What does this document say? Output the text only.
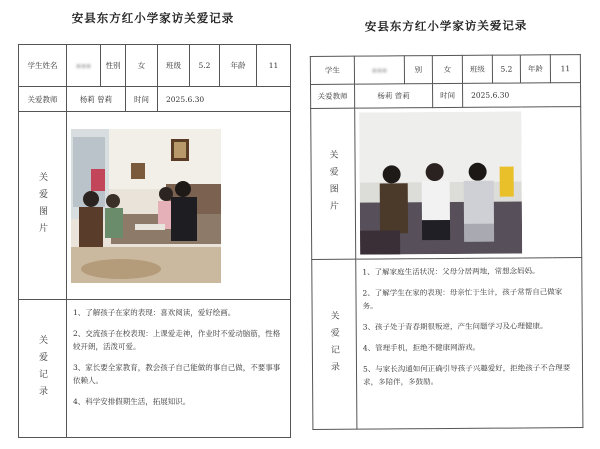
安县东方红小学家访关爱记录
学生姓名	▪▪▪	性别	女	班级	5.2	年龄	11
关爱教师	杨莉 曾莉		时间	2025.6.30			

关爱图片

关爱记录	1、了解孩子在家的表现：喜欢阅读，爱好绘画。

2、交流孩子在校表现：上课爱走神，作业时不爱动脑筋，性格较开朗，活泼可爱。

3、家长要全家教育，教会孩子自己能做的事自己做，不要事事依赖人。

4、科学安排假期生活，拓展知识。						

安县东方红小学家访关爱记录
学生	▪▪▪	别	女	班级	5.2	年龄	11
关爱教师	杨莉 曾莉		时间	2025.6.30			

关爱图片

关爱记录	1、了解家庭生活状况：父母分居两地，常想念妈妈。

2、了解学生在家的表现：母亲忙于生计，孩子常帮自己做家务。

3、孩子处于青春期很叛逆，产生问题学习及心理健康。

4、管理手机，拒绝不健康网游戏。

5、与家长沟通如何正确引导孩子兴趣爱好，拒绝孩子不合理要求，多陪伴，多鼓励。						
